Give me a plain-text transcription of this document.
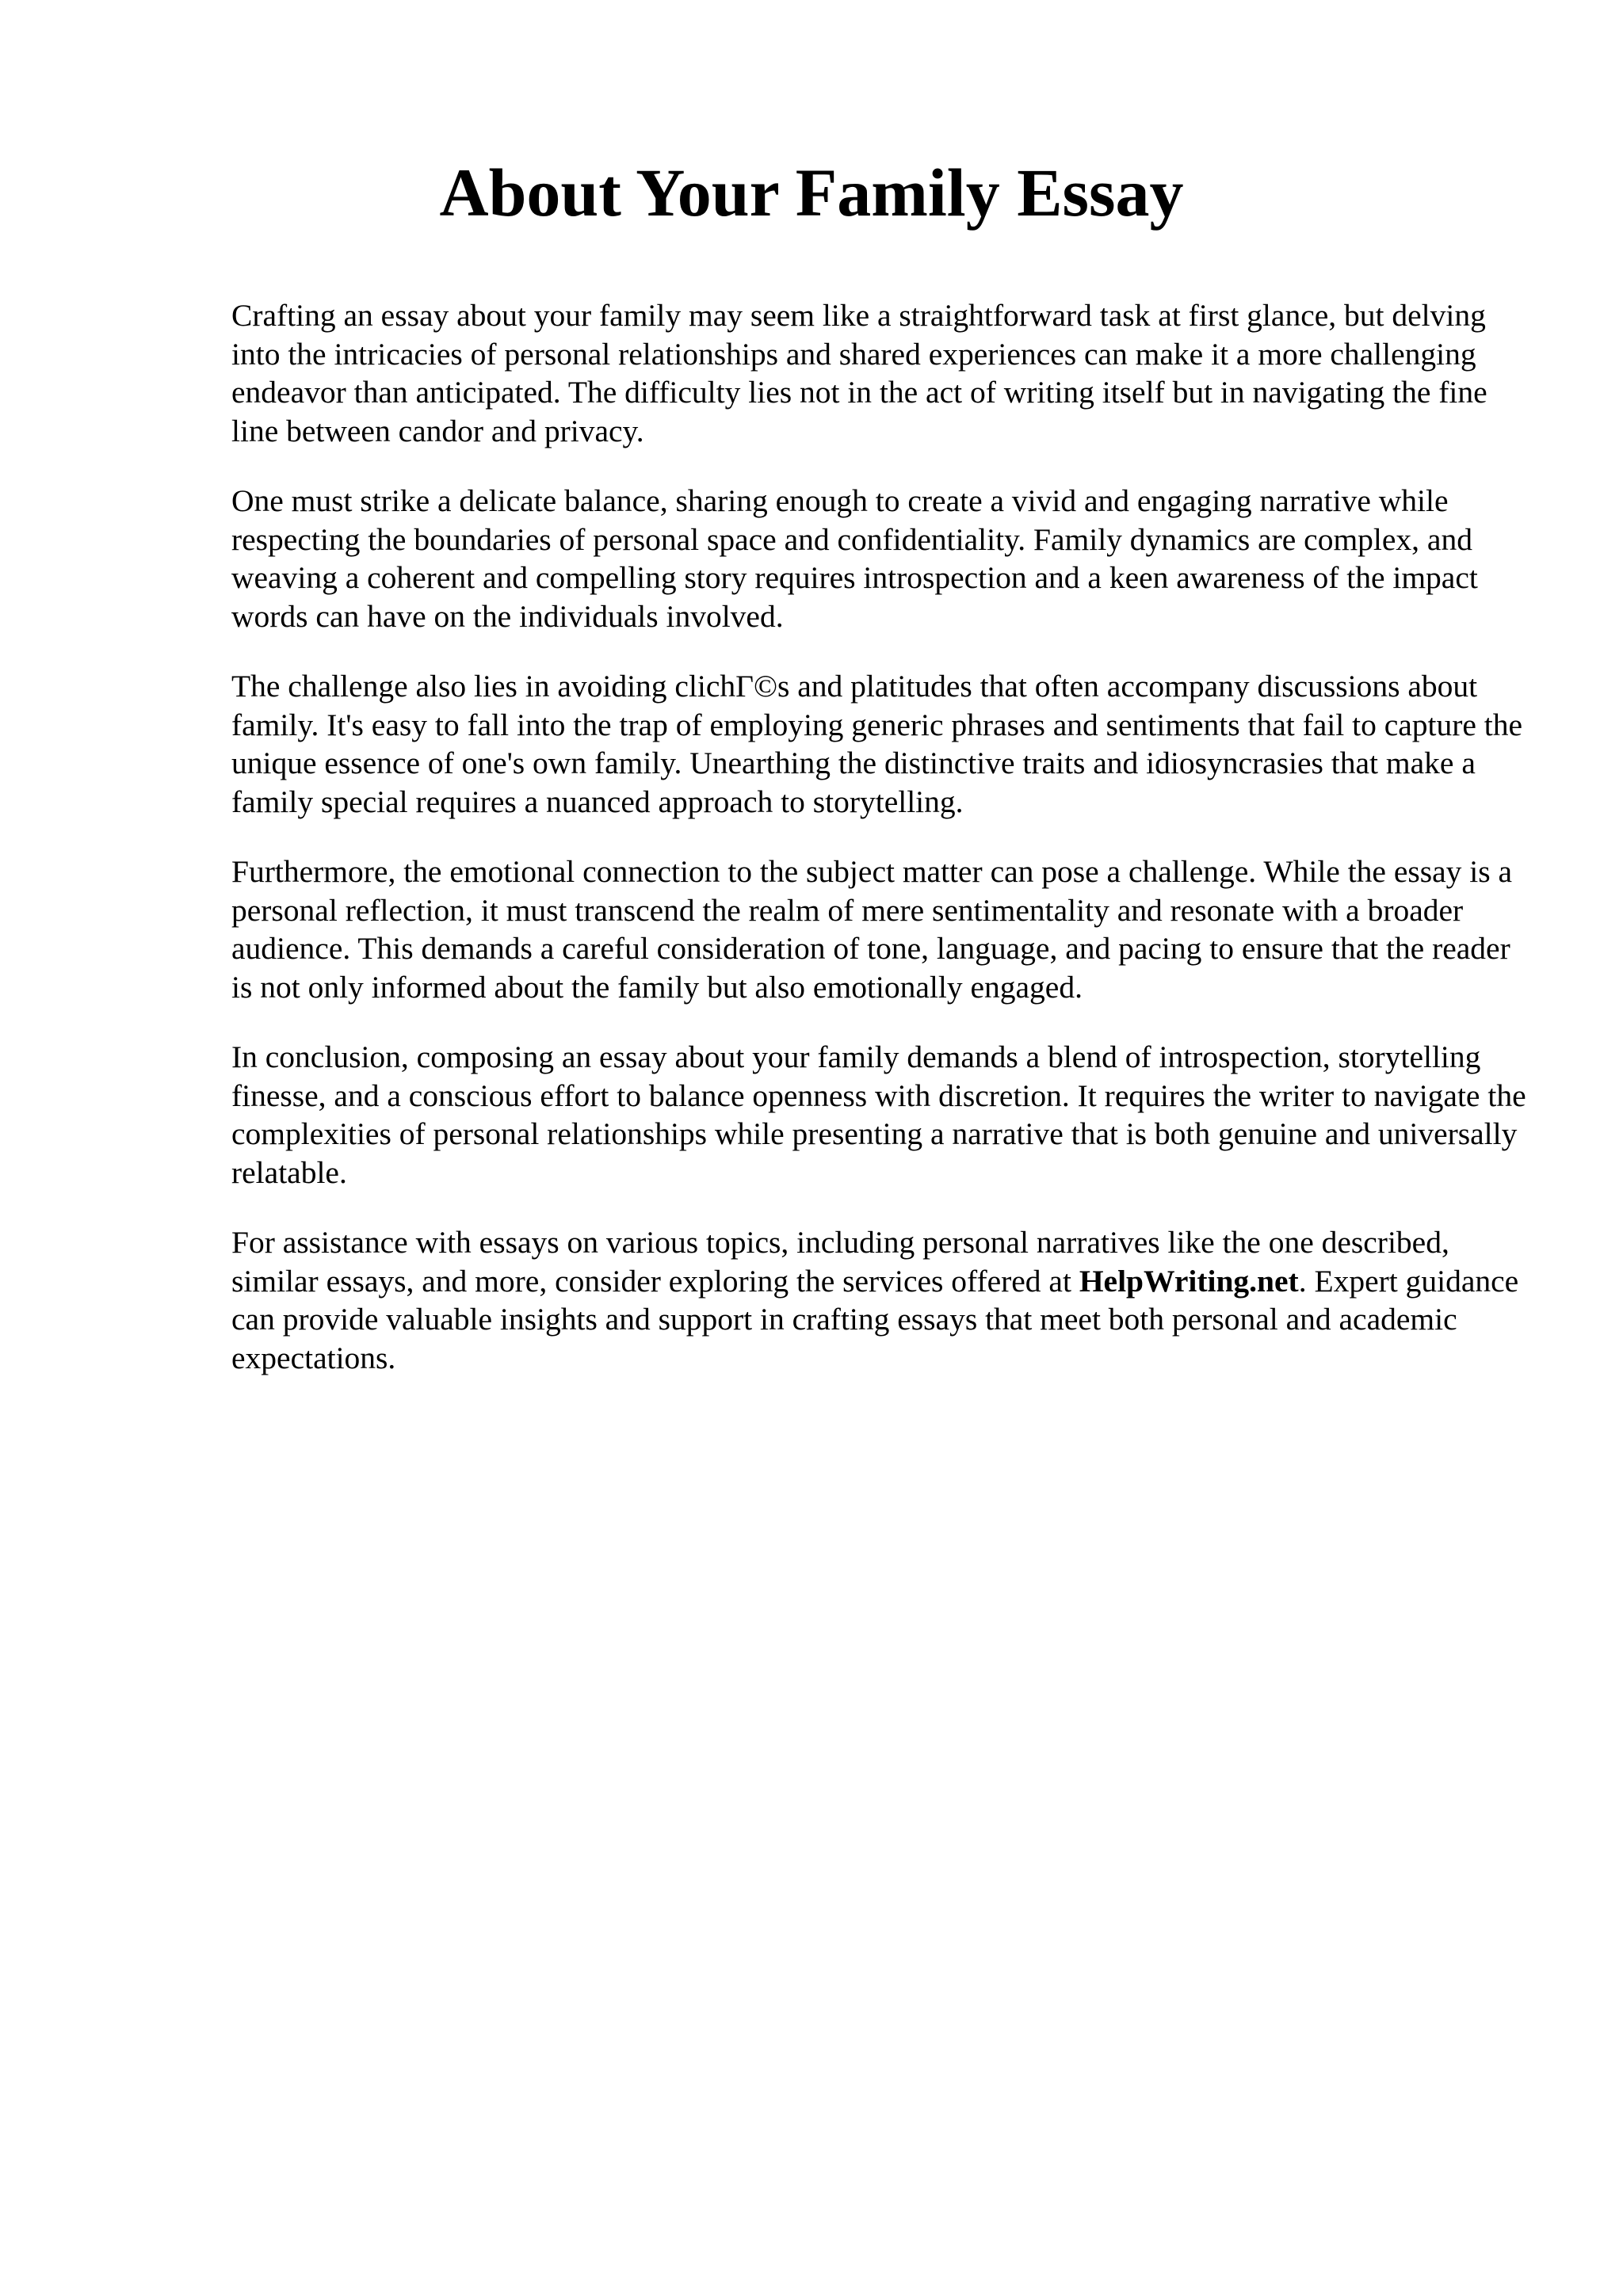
About Your Family Essay

Crafting an essay about your family may seem like a straightforward task at first glance, but delving into the intricacies of personal relationships and shared experiences can make it a more challenging endeavor than anticipated. The difficulty lies not in the act of writing itself but in navigating the fine line between candor and privacy.

One must strike a delicate balance, sharing enough to create a vivid and engaging narrative while respecting the boundaries of personal space and confidentiality. Family dynamics are complex, and weaving a coherent and compelling story requires introspection and a keen awareness of the impact words can have on the individuals involved.

The challenge also lies in avoiding clichГ©s and platitudes that often accompany discussions about family. It's easy to fall into the trap of employing generic phrases and sentiments that fail to capture the unique essence of one's own family. Unearthing the distinctive traits and idiosyncrasies that make a family special requires a nuanced approach to storytelling.

Furthermore, the emotional connection to the subject matter can pose a challenge. While the essay is a personal reflection, it must transcend the realm of mere sentimentality and resonate with a broader audience. This demands a careful consideration of tone, language, and pacing to ensure that the reader is not only informed about the family but also emotionally engaged.

In conclusion, composing an essay about your family demands a blend of introspection, storytelling finesse, and a conscious effort to balance openness with discretion. It requires the writer to navigate the complexities of personal relationships while presenting a narrative that is both genuine and universally relatable.

For assistance with essays on various topics, including personal narratives like the one described, similar essays, and more, consider exploring the services offered at HelpWriting.net. Expert guidance can provide valuable insights and support in crafting essays that meet both personal and academic expectations.
